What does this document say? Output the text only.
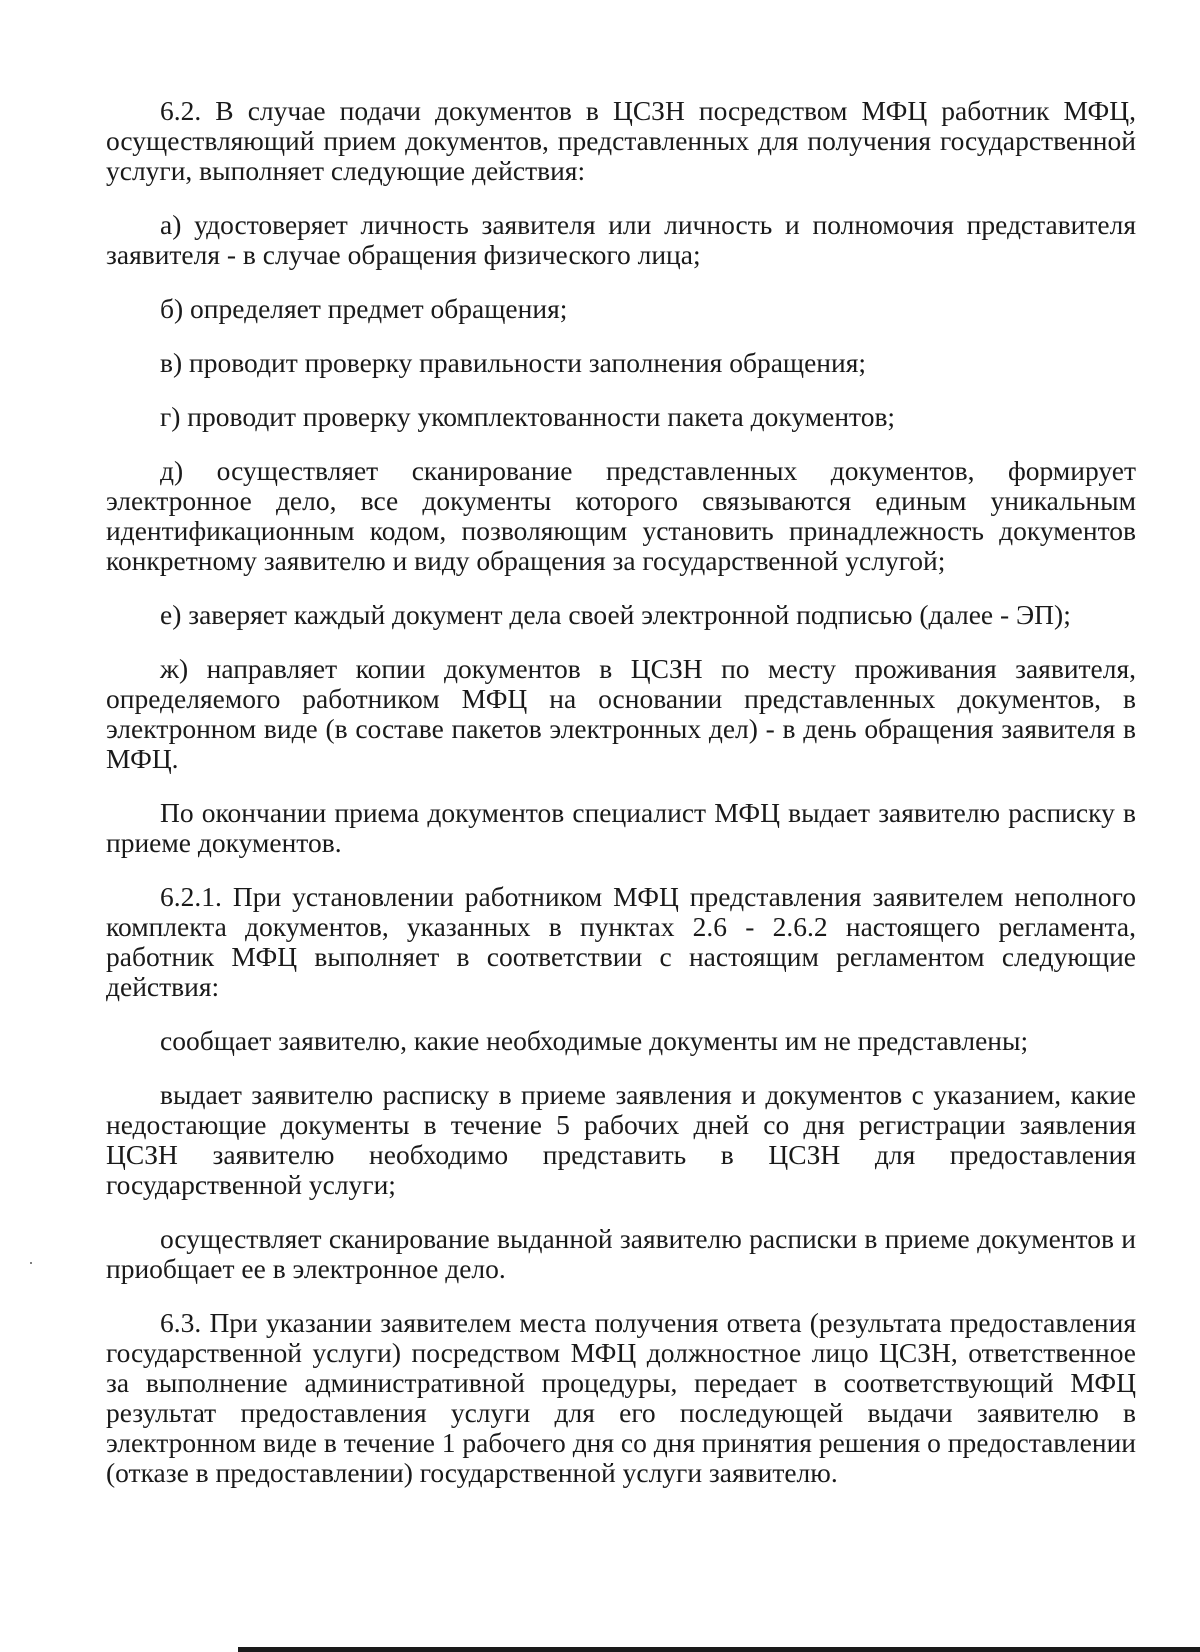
6.2. В случае подачи документов в ЦСЗН посредством МФЦ работник МФЦ, осуществляющий прием документов, представленных для получения государственной услуги, выполняет следующие действия:

а) удостоверяет личность заявителя или личность и полномочия представителя заявителя - в случае обращения физического лица;

б) определяет предмет обращения;

в) проводит проверку правильности заполнения обращения;

г) проводит проверку укомплектованности пакета документов;

д) осуществляет сканирование представленных документов, формирует электронное дело, все документы которого связываются единым уникальным идентификационным кодом, позволяющим установить принадлежность документов конкретному заявителю и виду обращения за государственной услугой;

е) заверяет каждый документ дела своей электронной подписью (далее - ЭП);

ж) направляет копии документов в ЦСЗН по месту проживания заявителя, определяемого работником МФЦ на основании представленных документов, в электронном виде (в составе пакетов электронных дел) - в день обращения заявителя в МФЦ.

По окончании приема документов специалист МФЦ выдает заявителю расписку в приеме документов.

6.2.1. При установлении работником МФЦ представления заявителем неполного комплекта документов, указанных в пунктах 2.6 - 2.6.2 настоящего регламента, работник МФЦ выполняет в соответствии с настоящим регламентом следующие действия:

сообщает заявителю, какие необходимые документы им не представлены;

выдает заявителю расписку в приеме заявления и документов с указанием, какие недостающие документы в течение 5 рабочих дней со дня регистрации заявления ЦСЗН заявителю необходимо представить в ЦСЗН для предоставления государственной услуги;

осуществляет сканирование выданной заявителю расписки в приеме документов и приобщает ее в электронное дело.

6.3. При указании заявителем места получения ответа (результата предоставления государственной услуги) посредством МФЦ должностное лицо ЦСЗН, ответственное за выполнение административной процедуры, передает в соответствующий МФЦ результат предоставления услуги для его последующей выдачи заявителю в электронном виде в течение 1 рабочего дня со дня принятия решения о предоставлении (отказе в предоставлении) государственной услуги заявителю.
